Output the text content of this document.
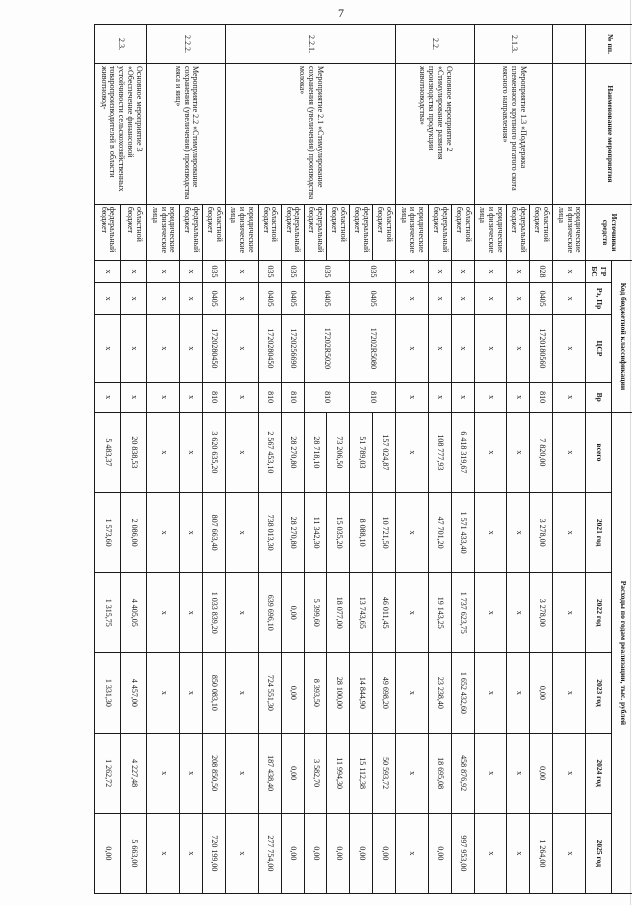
7
№ пп.	Наименование мероприятия	Источники средств	Код бюджетной классификации				Расходы по годам реализации, тыс. рублей					
			ГР БС	Рз, Пр	ЦСР	Вр	всего	2021 год	2022 год	2023 год	2024 год	2025 год
		юридические и физические лица	x	x	x	x	x	x	x	x	x	x
2.1.3.	Мероприятие 1.3 «Поддержка племенного крупного рогатого скота мясного направления»	областной бюджет	028	0405	1720180560	810	7 820,00	3 278,00	3 278,00	0,00	0,00	1 264,00
		федеральный бюджет	x	x	x	x	x	x	x	x	x	x
		юридические и физические лица	x	x	x	x	x	x	x	x	x	x
2.2.	Основное мероприятие 2 «Стимулирование развития производства продукции животноводства»	областной бюджет	x	x	x	x	6 418 319,67	1 571 433,40	1 737 623,75	1 652 432,60	458 876,92	997 953,00
		федеральный бюджет	x	x	x	x	108 777,93	47 701,20	19 143,25	23 238,40	18 695,08	0,00
		юридические и физические лица	x	x	x	x	x	x	x	x	x	x
2.2.1.	Мероприятие 2.1 «Стимулирование сохранения (увеличения) производства молока»	областной бюджет	035	0405	17202R5080	810	157 024,87	10 721,50	46 011,45	49 698,20	50 593,72	0,00
		федеральный бюджет					51 789,03	8 088,10	13 743,65	14 844,90	15 112,38	0,00
		областной бюджет	035	0405	17202R5020	810	73 206,50	15 035,20	18 077,00	28 100,00	11 994,30	0,00
		федеральный бюджет					28 718,10	11 342,30	5 399,60	8 393,50	3 582,70	0,00
		федеральный бюджет	035	0405	1720256690	810	28 270,80	28 270,80	0,00	0,00	0,00	0,00
		областной бюджет	035	0405	1720280450	810	2 567 453,10	738 013,30	639 696,10	724 551,30	187 438,40	277 754,00
		юридические и физические лица	x	x	x	x	x	x	x	x	x	x
2.2.2.	Мероприятие 2.2 «Стимулирование сохранения (увеличения) производства мяса и яиц»	областной бюджет	035	0405	1720280450	810	3 620 635,20	807 663,40	1 033 839,20	850 083,10	208 850,50	720 199,00
		федеральный бюджет	x	x	x	x	x	x	x	x	x	x
		юридические и физические лица	x	x	x	x	x	x	x	x	x	x
2.3.	Основное мероприятие 3 «Обеспечение финансовой устойчивости сельскохозяйственных товаропроизводителей в области животновод-	областной бюджет	x	x	x	x	20 838,53	2 086,00	4 405,05	4 457,00	4 227,48	5 663,00
		федеральный бюджет	x	x	x	x	5 483,37	1 573,60	1 315,75	1 331,30	1 262,72	0,00
